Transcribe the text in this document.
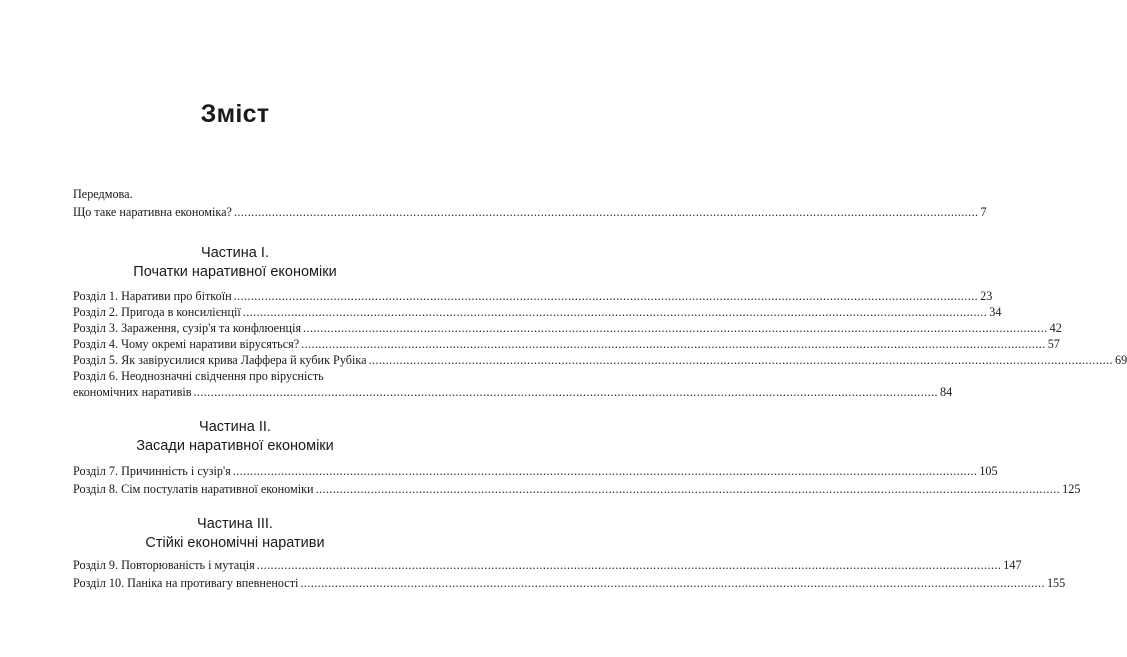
Зміст
Передмова.
Що таке наративна економіка? ........................................................................................................................................................................................................................ 7
Частина I.
Початки наративної економіки
Розділ 1. Наративи про біткоїн ........................................................................................................................................................................................................................ 23
Розділ 2. Пригода в консилієнції ........................................................................................................................................................................................................................ 34
Розділ 3. Зараження, сузір'я та конфлюенція ........................................................................................................................................................................................................................ 42
Розділ 4. Чому окремі наративи вірусяться? ........................................................................................................................................................................................................................ 57
Розділ 5. Як завірусилися крива Лаффера й кубик Рубіка ........................................................................................................................................................................................................................ 69
Розділ 6. Неоднозначні свідчення про вірусність
економічних наративів ........................................................................................................................................................................................................................ 84
Частина II.
Засади наративної економіки
Розділ 7. Причинність і сузір'я ........................................................................................................................................................................................................................ 105
Розділ 8. Сім постулатів наративної економіки ........................................................................................................................................................................................................................ 125
Частина III.
Стійкі економічні наративи
Розділ 9. Повторюваність і мутація ........................................................................................................................................................................................................................ 147
Розділ 10. Паніка на противагу впевненості ........................................................................................................................................................................................................................ 155
